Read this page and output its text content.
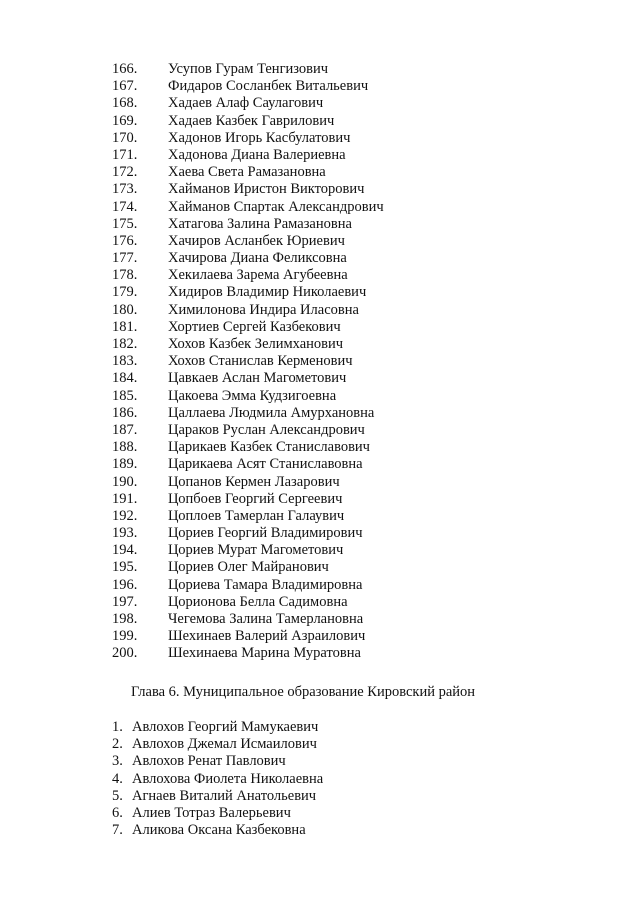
166. Усупов Гурам Тенгизович
167. Фидаров Сосланбек Витальевич
168. Хадаев Алаф Саулагович
169. Хадаев Казбек Гаврилович
170. Хадонов Игорь Касбулатович
171. Хадонова Диана Валериевна
172. Хаева Света Рамазановна
173. Хайманов Иристон Викторович
174. Хайманов Спартак Александрович
175. Хатагова Залина Рамазановна
176. Хачиров Асланбек Юриевич
177. Хачирова Диана Феликсовна
178. Хекилаева Зарема Агубеевна
179. Хидиров Владимир Николаевич
180. Химилонова Индира Иласовна
181. Хортиев Сергей Казбекович
182. Хохов Казбек Зелимханович
183. Хохов Станислав Керменович
184. Цавкаев Аслан Магометович
185. Цакоева Эмма Кудзигоевна
186. Цаллаева Людмила Амурхановна
187. Цараков Руслан Александрович
188. Царикаев Казбек Станиславович
189. Царикаева Асят Станиславовна
190. Цопанов Кермен Лазарович
191. Цопбоев Георгий Сергеевич
192. Цоплоев Тамерлан Галаувич
193. Цориев Георгий Владимирович
194. Цориев Мурат Магометович
195. Цориев Олег Майранович
196. Цориева Тамара Владимировна
197. Цорионова Белла Садимовна
198. Чегемова Залина Тамерлановна
199. Шехинаев Валерий Азраилович
200. Шехинаева Марина Муратовна
Глава 6. Муниципальное образование Кировский район
1. Авлохов Георгий Мамукаевич
2. Авлохов Джемал Исмаилович
3. Авлохов Ренат Павлович
4. Авлохова Фиолета Николаевна
5. Агнаев Виталий Анатольевич
6. Алиев Тотраз Валерьевич
7. Аликова Оксана Казбековна
